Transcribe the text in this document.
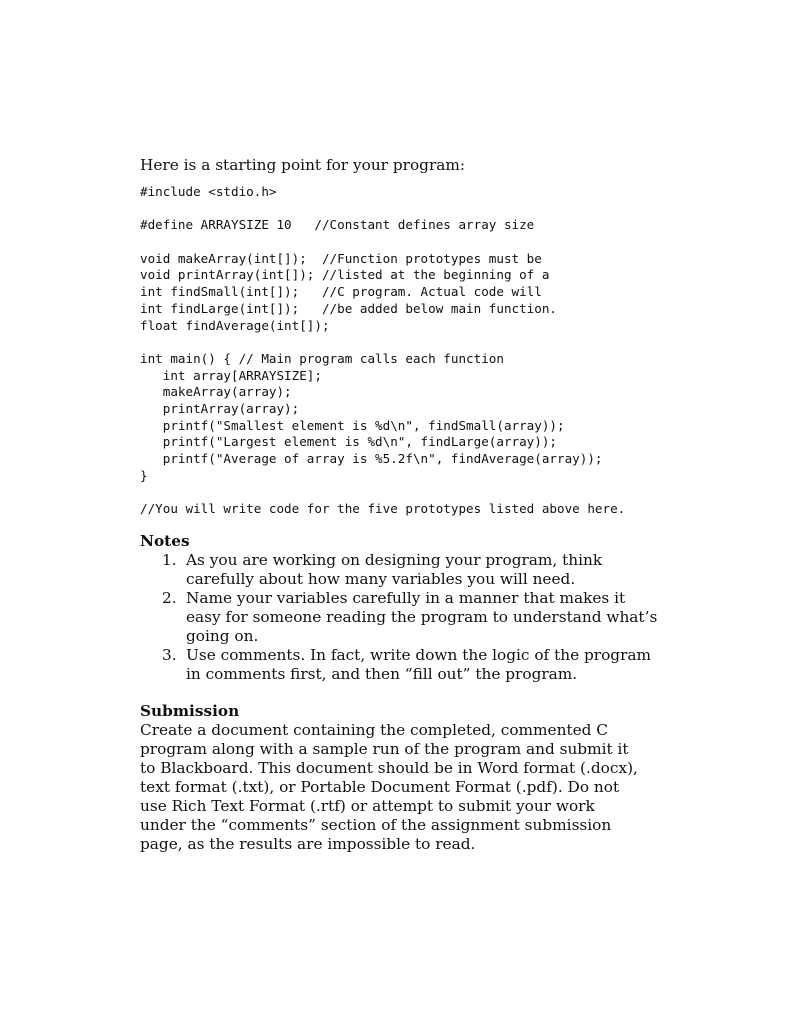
Here is a starting point for your program:

#include <stdio.h>
#define ARRAYSIZE 10   //Constant defines array size
void makeArray(int[]);  //Function prototypes must be
void printArray(int[]); //listed at the beginning of a
int findSmall(int[]);   //C program. Actual code will
int findLarge(int[]);   //be added below main function.
float findAverage(int[]);
int main() { // Main program calls each function
int array[ARRAYSIZE];
makeArray(array);
printArray(array);
printf("Smallest element is %d\n", findSmall(array));
printf("Largest element is %d\n", findLarge(array));
printf("Average of array is %5.2f\n", findAverage(array));
}
//You will write code for the five prototypes listed above here.

Notes

1. As you are working on designing your program, think carefully about how many variables you will need.
2. Name your variables carefully in a manner that makes it easy for someone reading the program to understand what’s going on.
3. Use comments. In fact, write down the logic of the program in comments first, and then “fill out” the program.

Submission

Create a document containing the completed, commented C program along with a sample run of the program and submit it to Blackboard. This document should be in Word format (.docx), text format (.txt), or Portable Document Format (.pdf). Do not use Rich Text Format (.rtf) or attempt to submit your work under the “comments” section of the assignment submission page, as the results are impossible to read.
